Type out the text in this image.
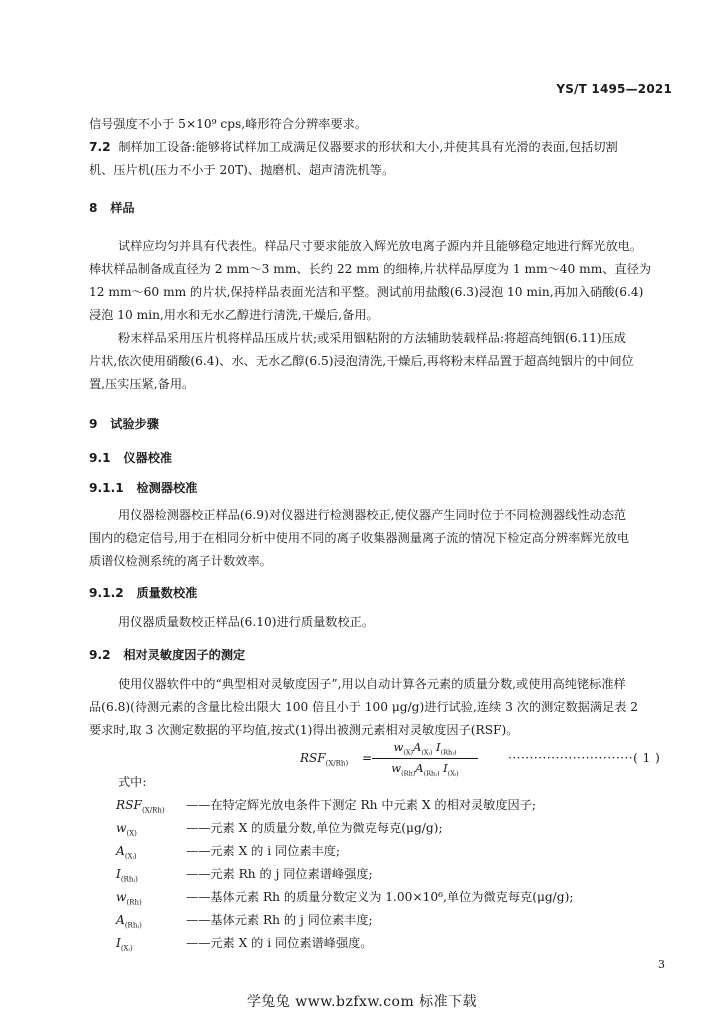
YS/T 1495—2021
信号强度不小于 5×10⁹ cps,峰形符合分辨率要求。
7.2 制样加工设备:能够将试样加工成满足仪器要求的形状和大小,并使其具有光滑的表面,包括切割
机、压片机(压力不小于 20T)、抛磨机、超声清洗机等。
8 样品
试样应均匀并具有代表性。样品尺寸要求能放入辉光放电离子源内并且能够稳定地进行辉光放电。
棒状样品制备成直径为 2 mm～3 mm、长约 22 mm 的细棒,片状样品厚度为 1 mm～40 mm、直径为
12 mm～60 mm 的片状,保持样品表面光洁和平整。测试前用盐酸(6.3)浸泡 10 min,再加入硝酸(6.4)
浸泡 10 min,用水和无水乙醇进行清洗,干燥后,备用。
粉末样品采用压片机将样品压成片状;或采用铟粘附的方法辅助装载样品:将超高纯铟(6.11)压成
片状,依次使用硝酸(6.4)、水、无水乙醇(6.5)浸泡清洗,干燥后,再将粉末样品置于超高纯铟片的中间位
置,压实压紧,备用。
9 试验步骤
9.1 仪器校准
9.1.1 检测器校准
用仪器检测器校正样品(6.9)对仪器进行检测器校正,使仪器产生同时位于不同检测器线性动态范
围内的稳定信号,用于在相同分析中使用不同的离子收集器测量离子流的情况下检定高分辨率辉光放电
质谱仪检测系统的离子计数效率。
9.1.2 质量数校准
用仪器质量数校正样品(6.10)进行质量数校正。
9.2 相对灵敏度因子的测定
使用仪器软件中的“典型相对灵敏度因子”,用以自动计算各元素的质量分数,或使用高纯铑标准样
品(6.8)(待测元素的含量比检出限大 100 倍且小于 100 μg/g)进行试验,连续 3 次的测定数据满足表 2
要求时,取 3 次测定数据的平均值,按式(1)得出被测元素相对灵敏度因子(RSF)。
$RSF_{(X/Rh)}$ =
$w_{(X)}A_{(Xᵢ)}$ $I_{(Rhⱼ)}$
$w_{(Rh)}A_{(Rhⱼ)}$ $I_{(Xᵢ)}$
·····························( 1 )
式中:
$RSF_{(X/Rh)}$ ——在特定辉光放电条件下测定 Rh 中元素 X 的相对灵敏度因子;
$w_{(X)}$	——元素 X 的质量分数,单位为微克每克(μg/g);
$A_{(Xᵢ)}$	——元素 X 的 i 同位素丰度;
$I_{(Rhⱼ)}$	——元素 Rh 的 j 同位素谱峰强度;
$w_{(Rh)}$	——基体元素 Rh 的质量分数定义为 1.00×10⁶,单位为微克每克(μg/g);
$A_{(Rhⱼ)}$	——基体元素 Rh 的 j 同位素丰度;
$I_{(Xᵢ)}$	——元素 X 的 i 同位素谱峰强度。
3
学兔兔 www.bzfxw.com 标准下载
